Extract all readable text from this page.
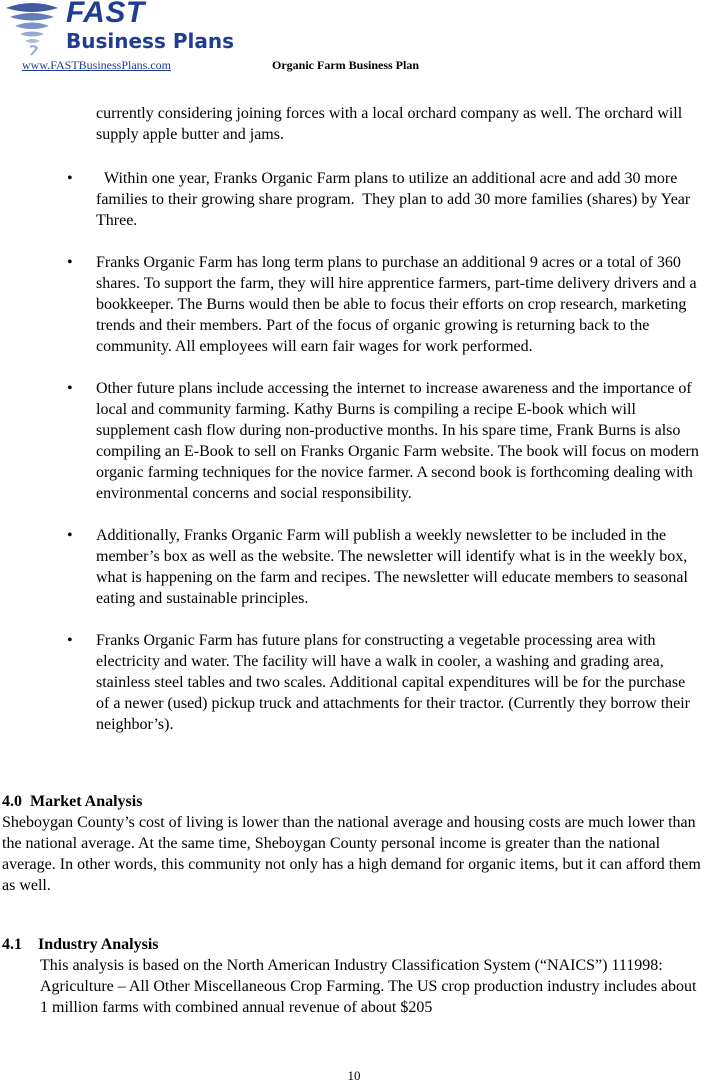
FAST
Business Plans
www.FASTBusinessPlans.com	Organic Farm Business Plan

currently considering joining forces with a local orchard company as well. The orchard will supply apple butter and jams.

• Within one year, Franks Organic Farm plans to utilize an additional acre and add 30 more families to their growing share program.  They plan to add 30 more families (shares) by Year Three.
• Franks Organic Farm has long term plans to purchase an additional 9 acres or a total of 360 shares. To support the farm, they will hire apprentice farmers, part-time delivery drivers and a bookkeeper. The Burns would then be able to focus their efforts on crop research, marketing trends and their members. Part of the focus of organic growing is returning back to the community. All employees will earn fair wages for work performed.
• Other future plans include accessing the internet to increase awareness and the importance of local and community farming. Kathy Burns is compiling a recipe E-book which will supplement cash flow during non-productive months. In his spare time, Frank Burns is also compiling an E-Book to sell on Franks Organic Farm website. The book will focus on modern organic farming techniques for the novice farmer. A second book is forthcoming dealing with environmental concerns and social responsibility.
• Additionally, Franks Organic Farm will publish a weekly newsletter to be included in the member’s box as well as the website. The newsletter will identify what is in the weekly box, what is happening on the farm and recipes. The newsletter will educate members to seasonal eating and sustainable principles.
• Franks Organic Farm has future plans for constructing a vegetable processing area with electricity and water. The facility will have a walk in cooler, a washing and grading area, stainless steel tables and two scales. Additional capital expenditures will be for the purchase of a newer (used) pickup truck and attachments for their tractor. (Currently they borrow their neighbor’s).

4.0  Market Analysis

Sheboygan County’s cost of living is lower than the national average and housing costs are much lower than the national average. At the same time, Sheboygan County personal income is greater than the national average. In other words, this community not only has a high demand for organic items, but it can afford them as well.

4.1    Industry Analysis

This analysis is based on the North American Industry Classification System (“NAICS”) 111998: Agriculture – All Other Miscellaneous Crop Farming. The US crop production industry includes about 1 million farms with combined annual revenue of about $205

10
